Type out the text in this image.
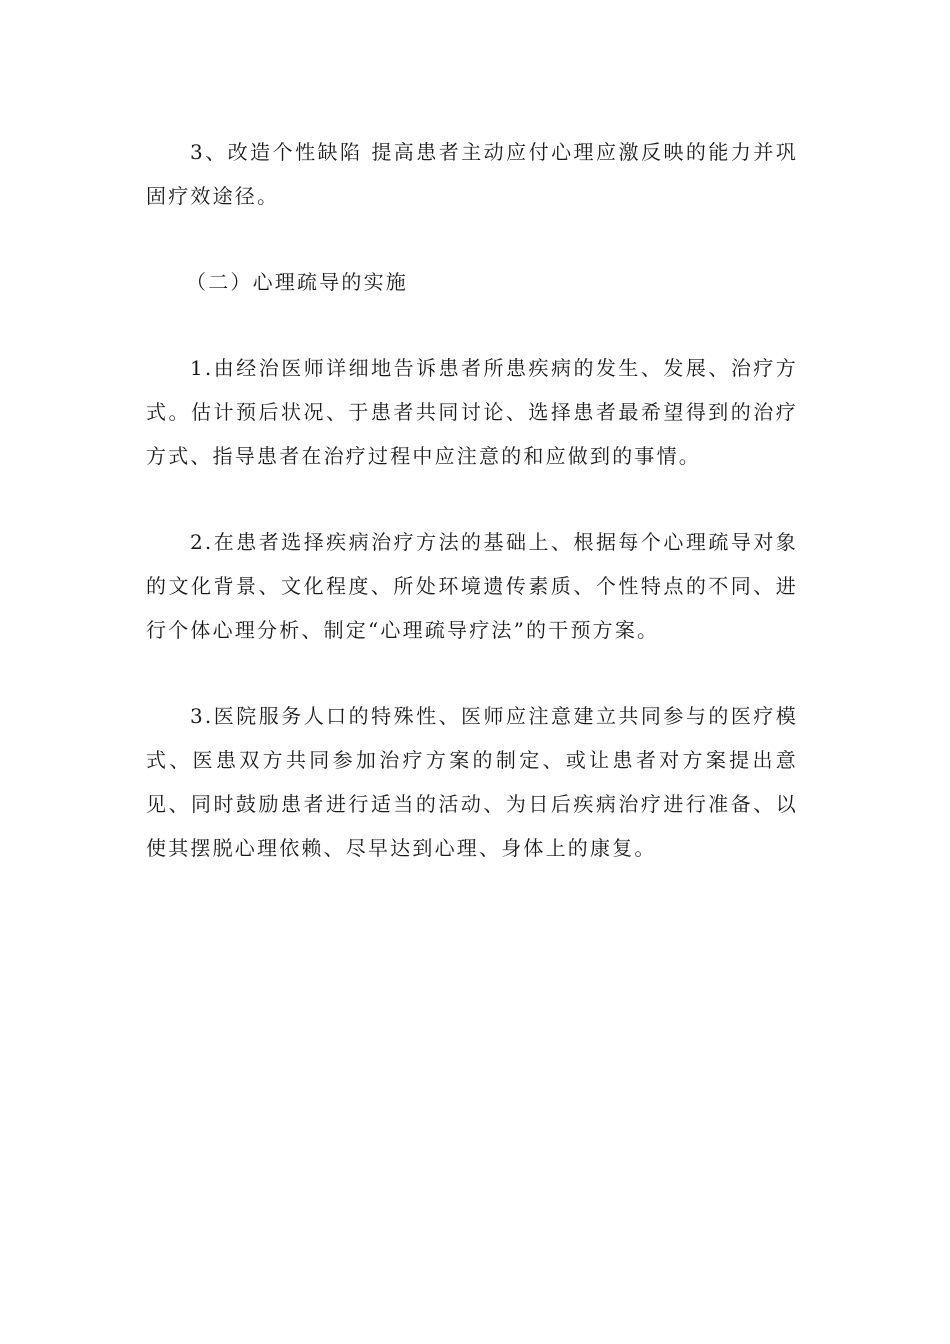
3、改造个性缺陷 提高患者主动应付心理应激反映的能力并巩固疗效途径。

（二）心理疏导的实施

1.由经治医师详细地告诉患者所患疾病的发生、发展、治疗方式。估计预后状况、于患者共同讨论、选择患者最希望得到的治疗方式、指导患者在治疗过程中应注意的和应做到的事情。

2.在患者选择疾病治疗方法的基础上、根据每个心理疏导对象的文化背景、文化程度、所处环境遗传素质、个性特点的不同、进行个体心理分析、制定“心理疏导疗法”的干预方案。

3.医院服务人口的特殊性、医师应注意建立共同参与的医疗模式、医患双方共同参加治疗方案的制定、或让患者对方案提出意见、同时鼓励患者进行适当的活动、为日后疾病治疗进行准备、以使其摆脱心理依赖、尽早达到心理、身体上的康复。
